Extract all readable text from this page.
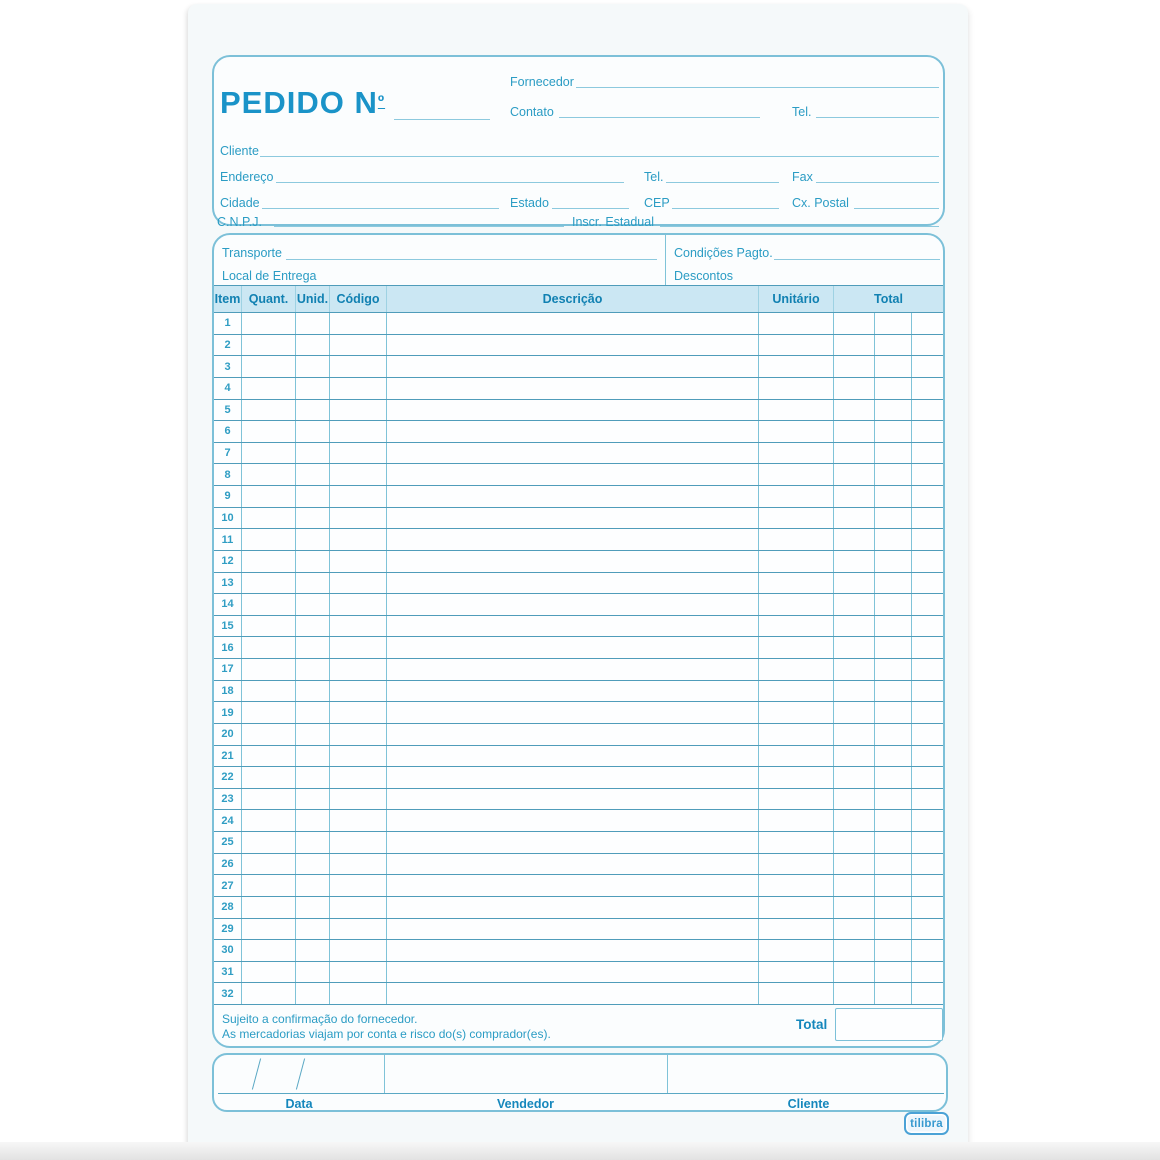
PEDIDO Nº
Fornecedor
Contato	Tel.
Cliente
Endereço	Tel.	Fax
Cidade	Estado	CEP	Cx. Postal
C.N.P.J.	Inscr. Estadual
Transporte	Condições Pagto.
Local de Entrega	Descontos
Item Quant. Unid. Código	Descrição	Unitário	Total
1
2
3
4
5
6
7
8
9
10
11
12
13
14
15
16
17
18
19
20
21
22
23
24
25
26
27
28
29
30
31
32
Sujeito a confirmação do fornecedor.
As mercadorias viajam por conta e risco do(s) comprador(es).
Total
Data	Vendedor	Cliente
tilibra
